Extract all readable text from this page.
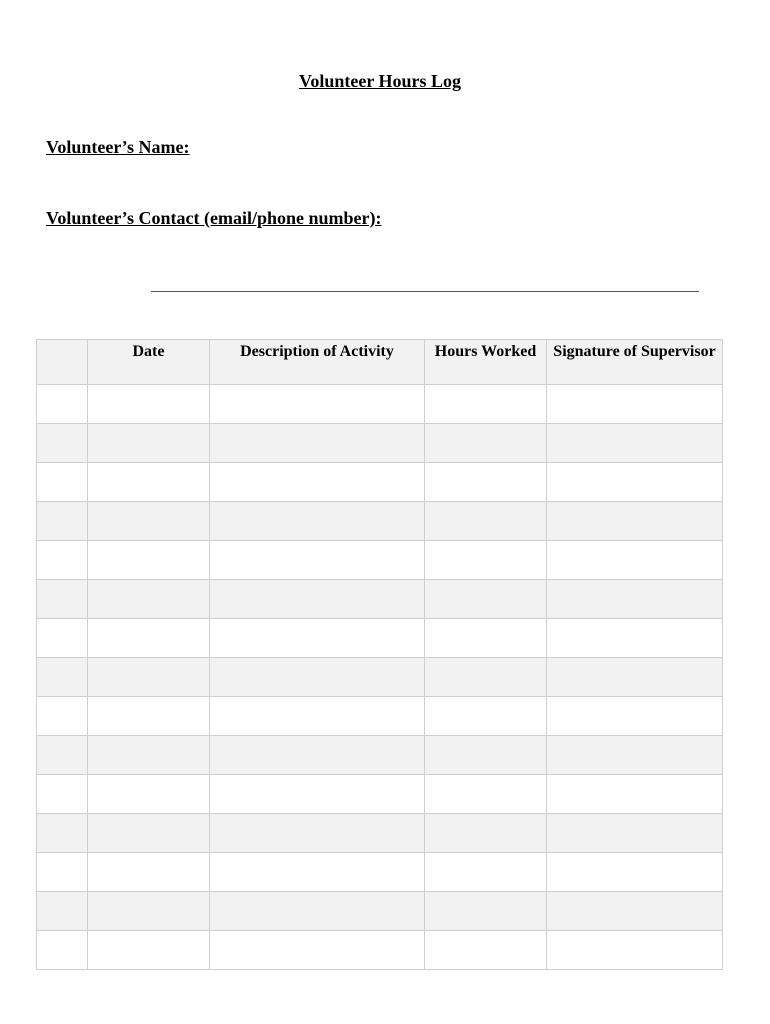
Volunteer Hours Log
Volunteer’s Name:
Volunteer’s Contact (email/phone number):
	Date	Description of Activity	Hours Worked	Signature of Supervisor
